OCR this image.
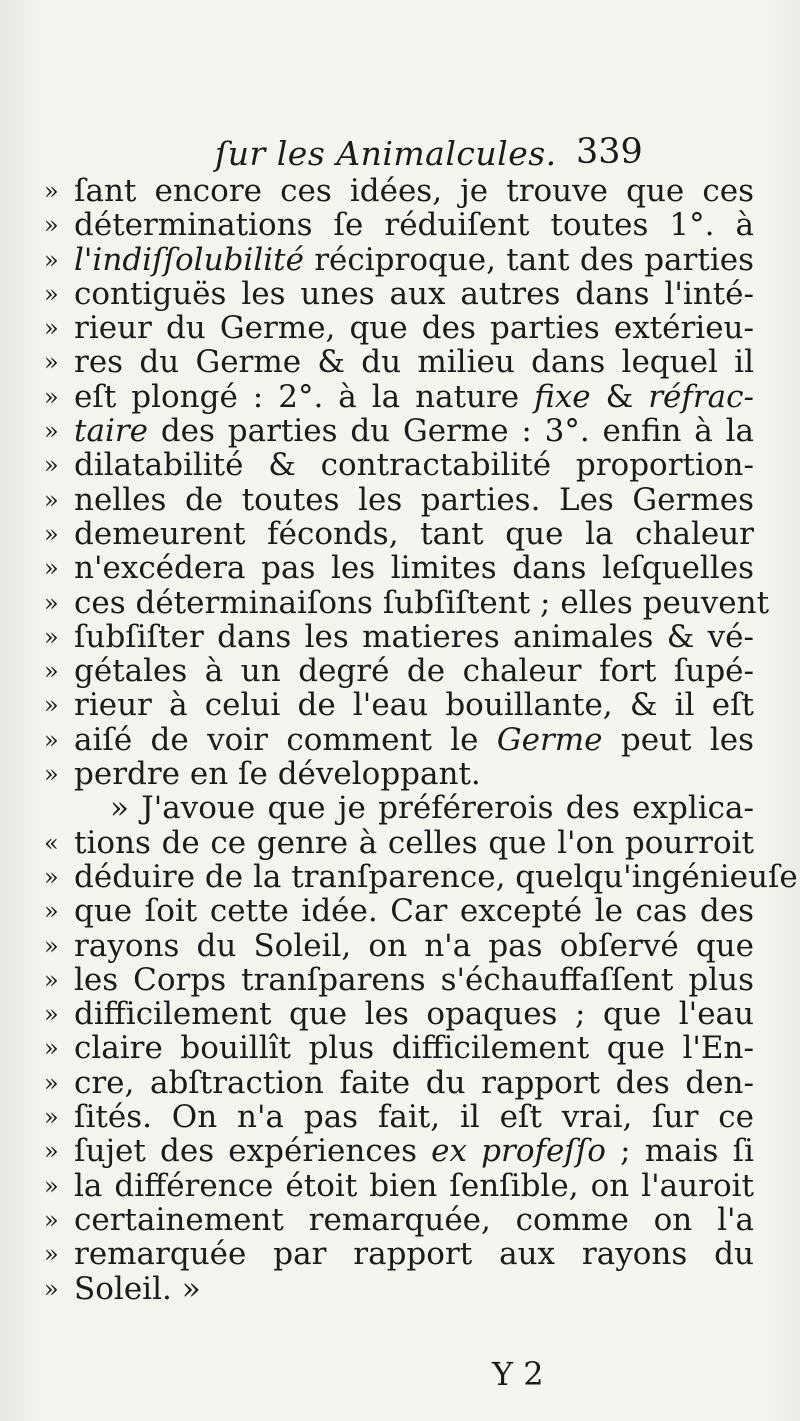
ſur les Animalcules. 339
» ſant encore ces idées, je trouve que ces
» déterminations ſe réduiſent toutes 1°. à
» l'indiſſolubilité réciproque, tant des parties
» contiguës les unes aux autres dans l'inté-
» rieur du Germe, que des parties extérieu-
» res du Germe & du milieu dans lequel il
» eſt plongé : 2°. à la nature fixe & réfrac-
» taire des parties du Germe : 3°. enfin à la
» dilatabilité & contractabilité proportion-
» nelles de toutes les parties. Les Germes
» demeurent féconds, tant que la chaleur
» n'excédera pas les limites dans leſquelles
» ces déterminaiſons ſubſiſtent ; elles peuvent
» ſubſiſter dans les matieres animales & vé-
» gétales à un degré de chaleur fort ſupé-
» rieur à celui de l'eau bouillante, & il eſt
» aiſé de voir comment le Germe peut les
» perdre en ſe développant.
» J'avoue que je préférerois des explica-
« tions de ce genre à celles que l'on pourroit
» déduire de la tranſparence, quelqu'ingénieuſe
» que ſoit cette idée. Car excepté le cas des
» rayons du Soleil, on n'a pas obſervé que
» les Corps tranſparens s'échauffaſſent plus
» difficilement que les opaques ; que l'eau
» claire bouillît plus difficilement que l'En-
» cre, abſtraction faite du rapport des den-
» ſités. On n'a pas fait, il eſt vrai, ſur ce
» ſujet des expériences ex profeſſo ; mais ſi
» la différence étoit bien ſenſible, on l'auroit
» certainement remarquée, comme on l'a
» remarquée par rapport aux rayons du
» Soleil. »
Y 2
